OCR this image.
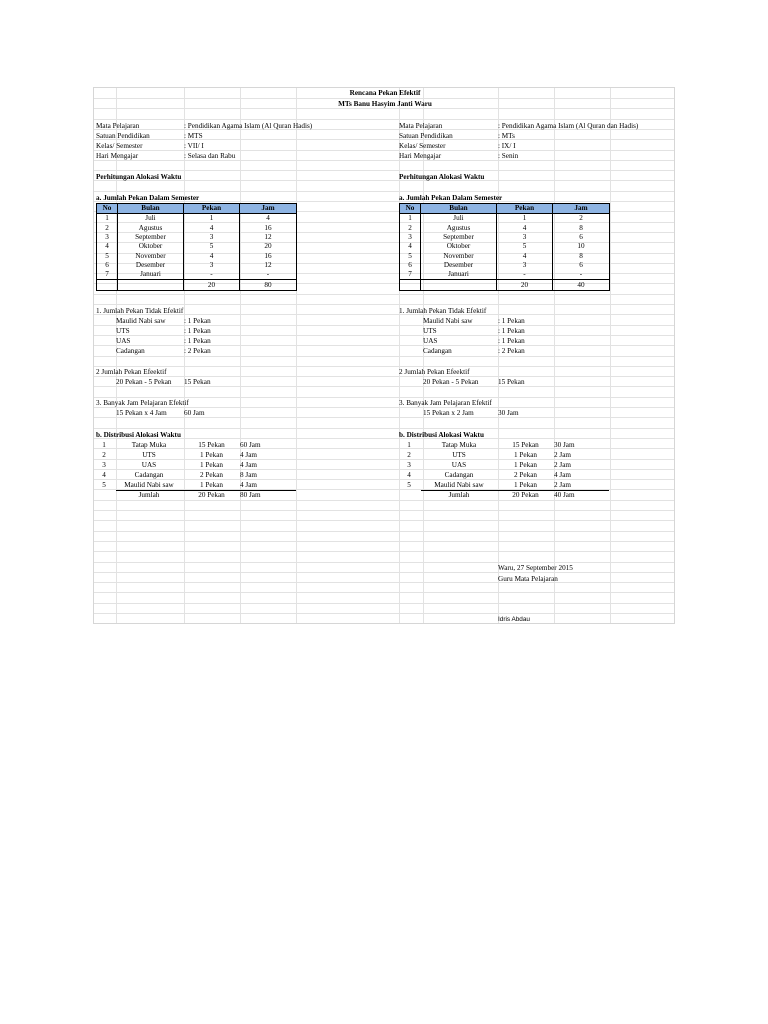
Rencana Pekan Efektif
MTs Banu Hasyim Janti Waru
Mata Pelajaran	: Pendidikan Agama Islam (Al Quran Hadis)
Satuan Pendidikan	: MTS
Kelas/ Semester	: VII/ I
Hari Mengajar	: Selasa dan Rabu
Perhitungan Alokasi Waktu
a. Jumlah Pekan Dalam Semester
No	Bulan	Pekan	Jam
1	Juli	1	4
2	Agustus	4	16
3	September	3	12
4	Oktober	5	20
5	November	4	16
6	Desember	3	12
7	Januari	-	-
		20	80
1. Jumlah Pekan Tidak Efektif
Maulid Nabi saw	: 1 Pekan
UTS	: 1 Pekan
UAS	: 1 Pekan
Cadangan	: 2 Pekan
2 Jumlah Pekan Efeektif
20 Pekan - 5 Pekan 15 Pekan
3. Banyak Jam Pelajaran Efektif
15 Pekan x 4 Jam 60 Jam
b. Distribusi Alokasi Waktu
1	Tatap Muka	15 Pekan	60 Jam
2	UTS	1 Pekan	4 Jam
3	UAS	1 Pekan	4 Jam
4	Cadangan	2 Pekan	8 Jam
5	Maulid Nabi saw	1 Pekan	4 Jam
Jumlah	20 Pekan	80 Jam
Mata Pelajaran	: Pendidikan Agama Islam (Al Quran dan Hadis)
Satuan Pendidikan	: MTs
Kelas/ Semester	: IX/ I
Hari Mengajar	: Senin
Perhitungan Alokasi Waktu
a. Jumlah Pekan Dalam Semester
No	Bulan	Pekan	Jam
1	Juli	1	2
2	Agustus	4	8
3	September	3	6
4	Oktober	5	10
5	November	4	8
6	Desember	3	6
7	Januari	-	-
		20	40
1. Jumlah Pekan Tidak Efektif
Maulid Nabi saw	: 1 Pekan
UTS	: 1 Pekan
UAS	: 1 Pekan
Cadangan	: 2 Pekan
2 Jumlah Pekan Efeektif
20 Pekan - 5 Pekan	15 Pekan
3. Banyak Jam Pelajaran Efektif
15 Pekan x 2 Jam	30 Jam
b. Distribusi Alokasi Waktu
1	Tatap Muka	15 Pekan	30 Jam
2	UTS	1 Pekan	2 Jam
3	UAS	1 Pekan	2 Jam
4	Cadangan	2 Pekan	4 Jam
5	Maulid Nabi saw	1 Pekan	2 Jam
Jumlah	20 Pekan	40 Jam
Waru, 27 September 2015
Guru Mata Pelajaran
Idris Abdau
